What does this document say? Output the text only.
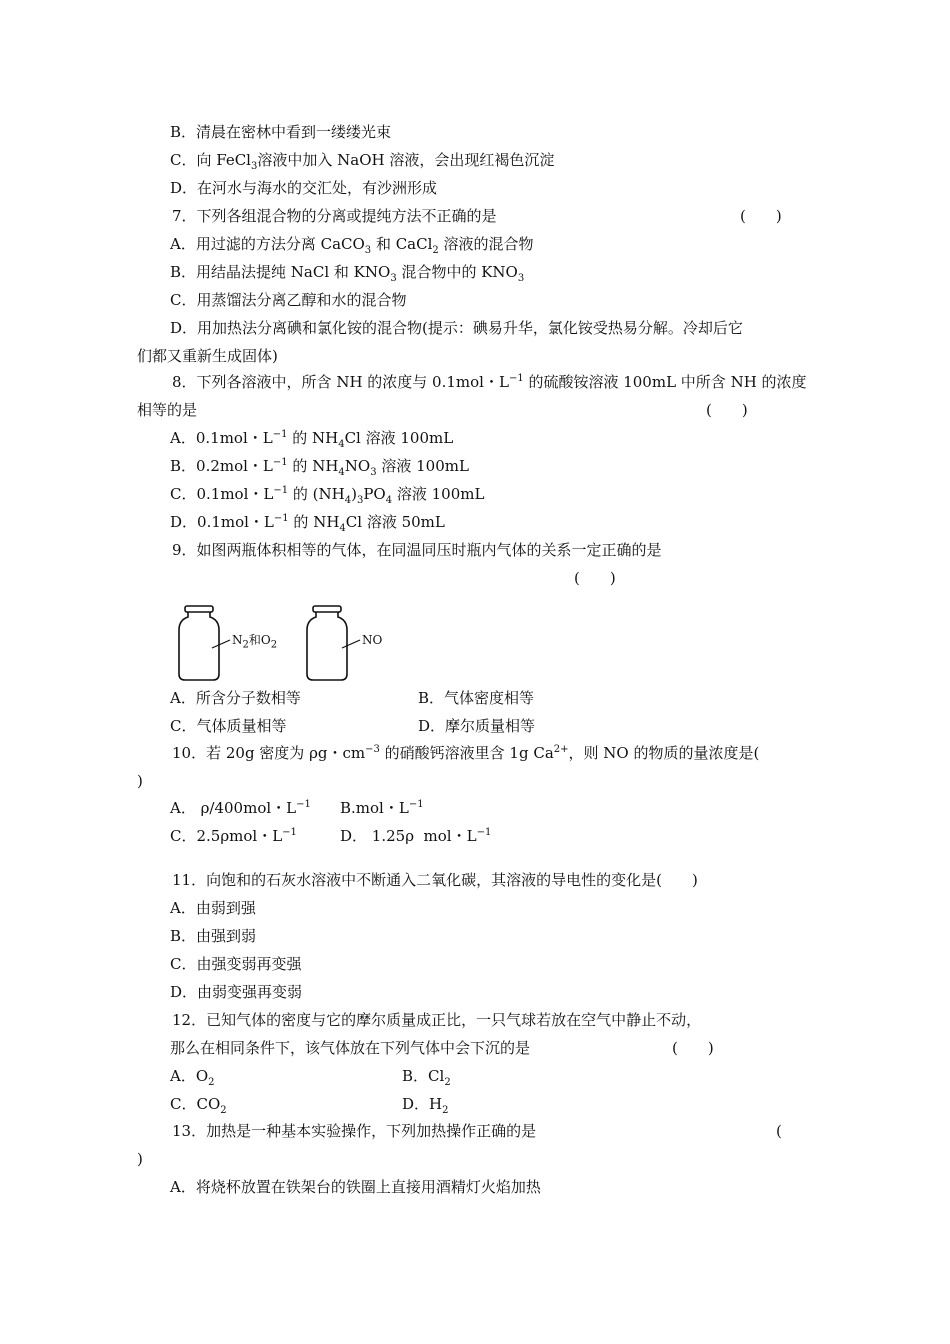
B．清晨在密林中看到一缕缕光束
C．向 FeCl$_3$溶液中加入 NaOH 溶液，会出现红褐色沉淀
D．在河水与海水的交汇处，有沙洲形成
7．下列各组混合物的分离或提纯方法不正确的是	(　　)
A．用过滤的方法分离 CaCO$_3$ 和 CaCl$_2$ 溶液的混合物
B．用结晶法提纯 NaCl 和 $KNO_3$ 混合物中的 $KNO_3$
C．用蒸馏法分离乙醇和水的混合物
D．用加热法分离碘和氯化铵的混合物(提示：碘易升华，氯化铵受热易分解。冷却后它
们都又重新生成固体)
8．下列各溶液中，所含 NH 的浓度与 0.1mol・$L^{-1}$ 的硫酸铵溶液 100mL 中所含 NH 的浓度
相等的是	(　　)
A．0.1mol・$L^{-1}$ 的 $NH_4Cl$ 溶液 100mL
B．0.2mol・$L^{-1}$ 的 $NH_4NO_3$ 溶液 100mL
C．0.1mol・$L^{-1}$ 的 $(NH_4)_3PO_4$ 溶液 100mL
D．0.1mol・$L^{-1}$ 的 $NH_4Cl$ 溶液 50mL
9．如图两瓶体积相等的气体，在同温同压时瓶内气体的关系一定正确的是
(　　)
$N_2$和$O_2$	NO
A．所含分子数相等	B．气体密度相等
C．气体质量相等	D．摩尔质量相等
10．若 20g 密度为 ρg・$cm^{-3}$ 的硝酸钙溶液里含 1g $Ca^{2+}$，则 NO 的物质的量浓度是(
)
A． ρ/400mol・$L^{-1}$ B.mol・$L^{-1}$
C．2.5ρmol・$L^{-1}$	D． 1.25ρ  mol・$L^{-1}$
11．向饱和的石灰水溶液中不断通入二氧化碳，其溶液的导电性的变化是(　　)
A．由弱到强
B．由强到弱
C．由强变弱再变强
D．由弱变强再变弱
12．已知气体的密度与它的摩尔质量成正比，一只气球若放在空气中静止不动，
那么在相同条件下，该气体放在下列气体中会下沉的是	(　　)
A．$O_2$	B．$Cl_2$
C．$CO_2$	D．$H_2$
13．加热是一种基本实验操作，下列加热操作正确的是	(
)
A．将烧杯放置在铁架台的铁圈上直接用酒精灯火焰加热
